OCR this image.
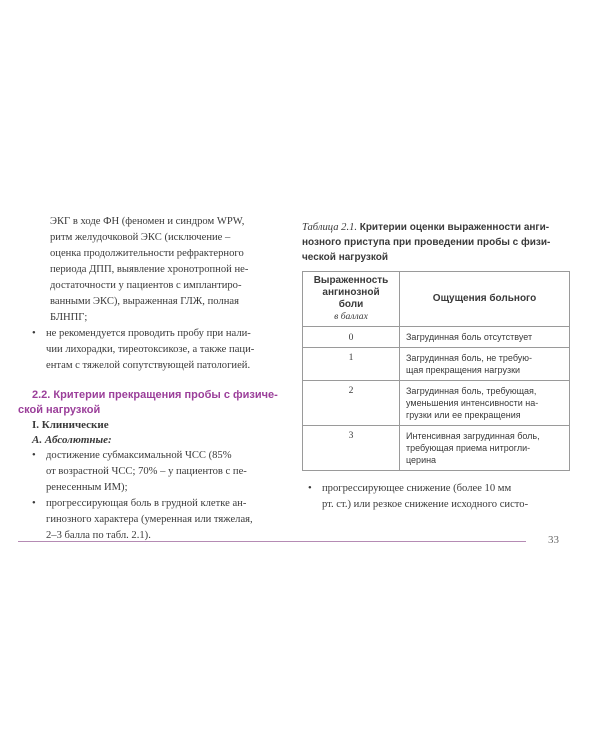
ЭКГ в ходе ФН (феномен и синдром WPW,
ритм желудочковой ЭКС (исключение –
оценка продолжительности рефрактерного
периода ДПП, выявление хронотропной не-
достаточности у пациентов с имплантиро-
ванными ЭКС), выраженная ГЛЖ, полная
БЛНПГ;
• не рекомендуется проводить пробу при нали-
чии лихорадки, тиреотоксикозе, а также паци-
ентам с тяжелой сопутствующей патологией.
2.2. Критерии прекращения пробы с физиче-
ской нагрузкой
I. Клинические
А. Абсолютные:
• достижение субмаксимальной ЧСС (85%
от возрастной ЧСС; 70% – у пациентов с пе-
ренесенным ИМ);
• прогрессирующая боль в грудной клетке ан-
гинозного характера (умеренная или тяжелая,
2–3 балла по табл. 2.1).
Таблица 2.1. Критерии оценки выраженности анги-
нозного приступа при проведении пробы с физи-
ческой нагрузкой
Выраженность
ангинозной
боли
в баллах	Ощущения больного
0	Загрудинная боль отсутствует

1	Загрудинная боль, не требую-
щая прекращения нагрузки

2	Загрудинная боль, требующая,
уменьшения интенсивности на-
грузки или ее прекращения

3	Интенсивная загрудинная боль,
требующая приема нитрогли-
церина
• прогрессирующее снижение (более 10 мм
рт. ст.) или резкое снижение исходного систо-
33
